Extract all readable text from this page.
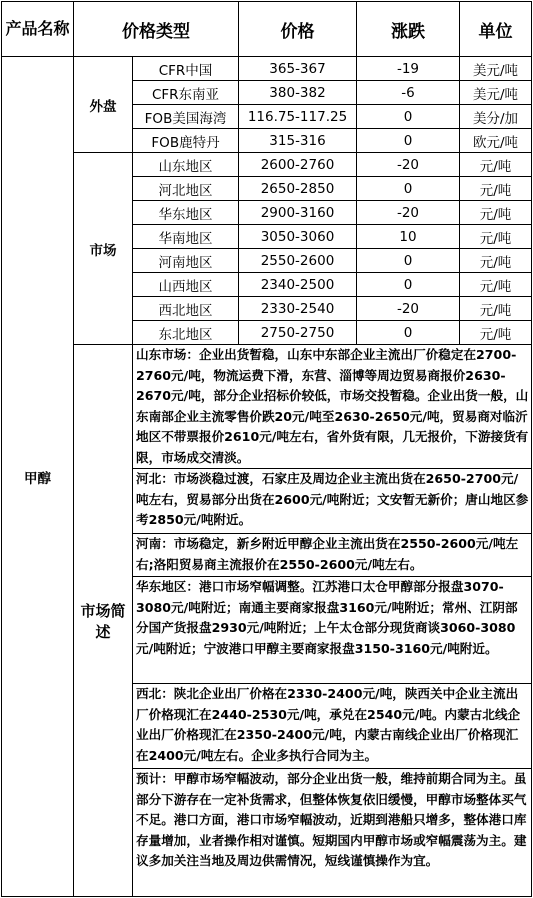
产品名称	价格类型		价格	涨跌	单位
甲醇	外盘	CFR中国	365-367	-19	美元/吨
		CFR东南亚	380-382	-6	美元/吨
		FOB美国海湾	116.75-117.25	0	美分/加
		FOB鹿特丹	315-316	0	欧元/吨
	市场	山东地区	2600-2760	-20	元/吨
		河北地区	2650-2850	0	元/吨
		华东地区	2900-3160	-20	元/吨
		华南地区	3050-3060	10	元/吨
		河南地区	2550-2600	0	元/吨
		山西地区	2340-2500	0	元/吨
		西北地区	2330-2540	-20	元/吨
		东北地区	2750-2750	0	元/吨
	市场简述	山东市场：企业出货暂稳，山东中东部企业主流出厂价稳定在2700-2760元/吨，物流运费下滑，东营、淄博等周边贸易商报价2630-2670元/吨，部分企业招标价较低，市场交投暂稳。企业出货一般，山东南部企业主流零售价跌20元/吨至2630-2650元/吨，贸易商对临沂地区不带票报价2610元/吨左右，省外货有限，几无报价，下游接货有限，市场成交清淡。			
		河北：市场淡稳过渡，石家庄及周边企业主流出货在2650-2700元/吨左右，贸易部分出货在2600元/吨附近；文安暂无新价；唐山地区参考2850元/吨附近。			
		河南：市场稳定，新乡附近甲醇企业主流出货在2550-2600元/吨左右;洛阳贸易商主流报价在2550-2600元/吨左右。			
		华东地区：港口市场窄幅调整。江苏港口太仓甲醇部分报盘3070-3080元/吨附近；南通主要商家报盘3160元/吨附近；常州、江阴部分国产货报盘2930元/吨附近；上午太仓部分现货商谈3060-3080元/吨附近；宁波港口甲醇主要商家报盘3150-3160元/吨附近。			
		西北：陕北企业出厂价格在2330-2400元/吨，陕西关中企业主流出厂价格现汇在2440-2530元/吨，承兑在2540元/吨。内蒙古北线企业出厂价格现汇在2350-2400元/吨，内蒙古南线企业出厂价格现汇在2400元/吨左右。企业多执行合同为主。			
		预计：甲醇市场窄幅波动，部分企业出货一般，维持前期合同为主。虽部分下游存在一定补货需求，但整体恢复依旧缓慢，甲醇市场整体买气不足。港口方面，港口市场窄幅波动，近期到港船只增多，整体港口库存量增加，业者操作相对谨慎。短期国内甲醇市场或窄幅震荡为主。建议多加关注当地及周边供需情况，短线谨慎操作为宜。			
